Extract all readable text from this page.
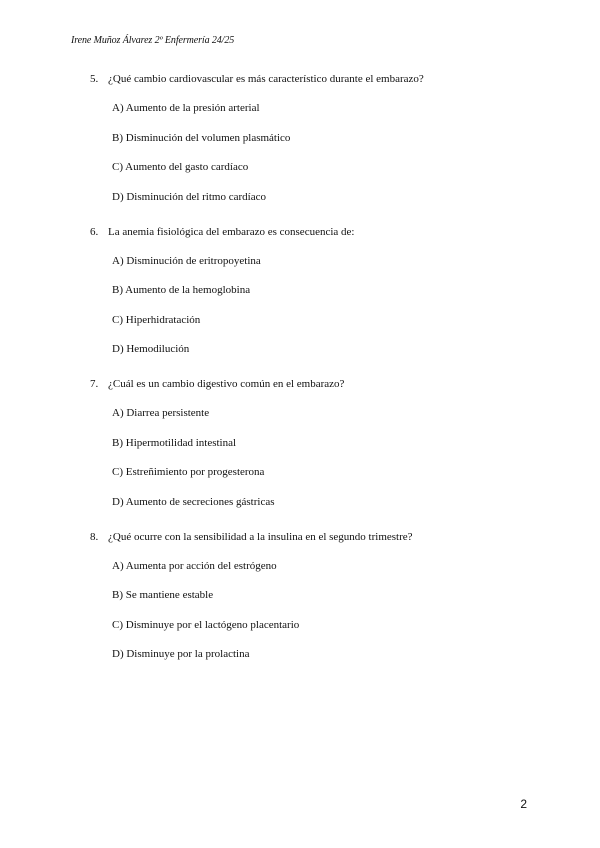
Irene Muñoz Álvarez 2º Enfermería 24/25
5. ¿Qué cambio cardiovascular es más característico durante el embarazo?
A) Aumento de la presión arterial
B) Disminución del volumen plasmático
C) Aumento del gasto cardíaco
D) Disminución del ritmo cardíaco
6. La anemia fisiológica del embarazo es consecuencia de:
A) Disminución de eritropoyetina
B) Aumento de la hemoglobina
C) Hiperhidratación
D) Hemodilución
7. ¿Cuál es un cambio digestivo común en el embarazo?
A) Diarrea persistente
B) Hipermotilidad intestinal
C) Estreñimiento por progesterona
D) Aumento de secreciones gástricas
8. ¿Qué ocurre con la sensibilidad a la insulina en el segundo trimestre?
A) Aumenta por acción del estrógeno
B) Se mantiene estable
C) Disminuye por el lactógeno placentario
D) Disminuye por la prolactina
2
